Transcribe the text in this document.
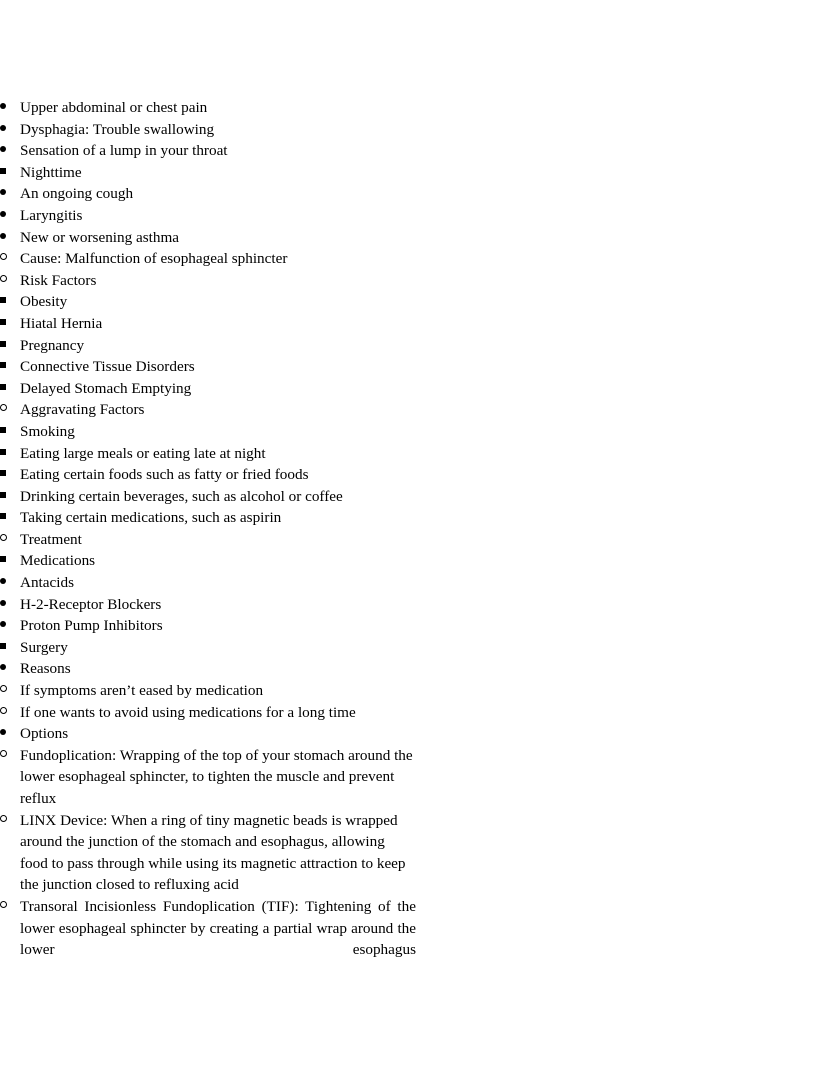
Upper abdominal or chest pain
Dysphagia: Trouble swallowing
Sensation of a lump in your throat
Nighttime
An ongoing cough
Laryngitis
New or worsening asthma
Cause: Malfunction of esophageal sphincter
Risk Factors
Obesity
Hiatal Hernia
Pregnancy
Connective Tissue Disorders
Delayed Stomach Emptying
Aggravating Factors
Smoking
Eating large meals or eating late at night
Eating certain foods such as fatty or fried foods
Drinking certain beverages, such as alcohol or coffee
Taking certain medications, such as aspirin
Treatment
Medications
Antacids
H-2-Receptor Blockers
Proton Pump Inhibitors
Surgery
Reasons
If symptoms aren’t eased by medication
If one wants to avoid using medications for a long time
Options
Fundoplication: Wrapping of the top of your stomach around the lower esophageal sphincter, to tighten the muscle and prevent reflux
LINX Device: When a ring of tiny magnetic beads is wrapped around the junction of the stomach and esophagus, allowing food to pass through while using its magnetic attraction to keep the junction closed to refluxing acid
Transoral Incisionless Fundoplication (TIF): Tightening of the lower esophageal sphincter by creating a partial wrap around the lower esophagus
